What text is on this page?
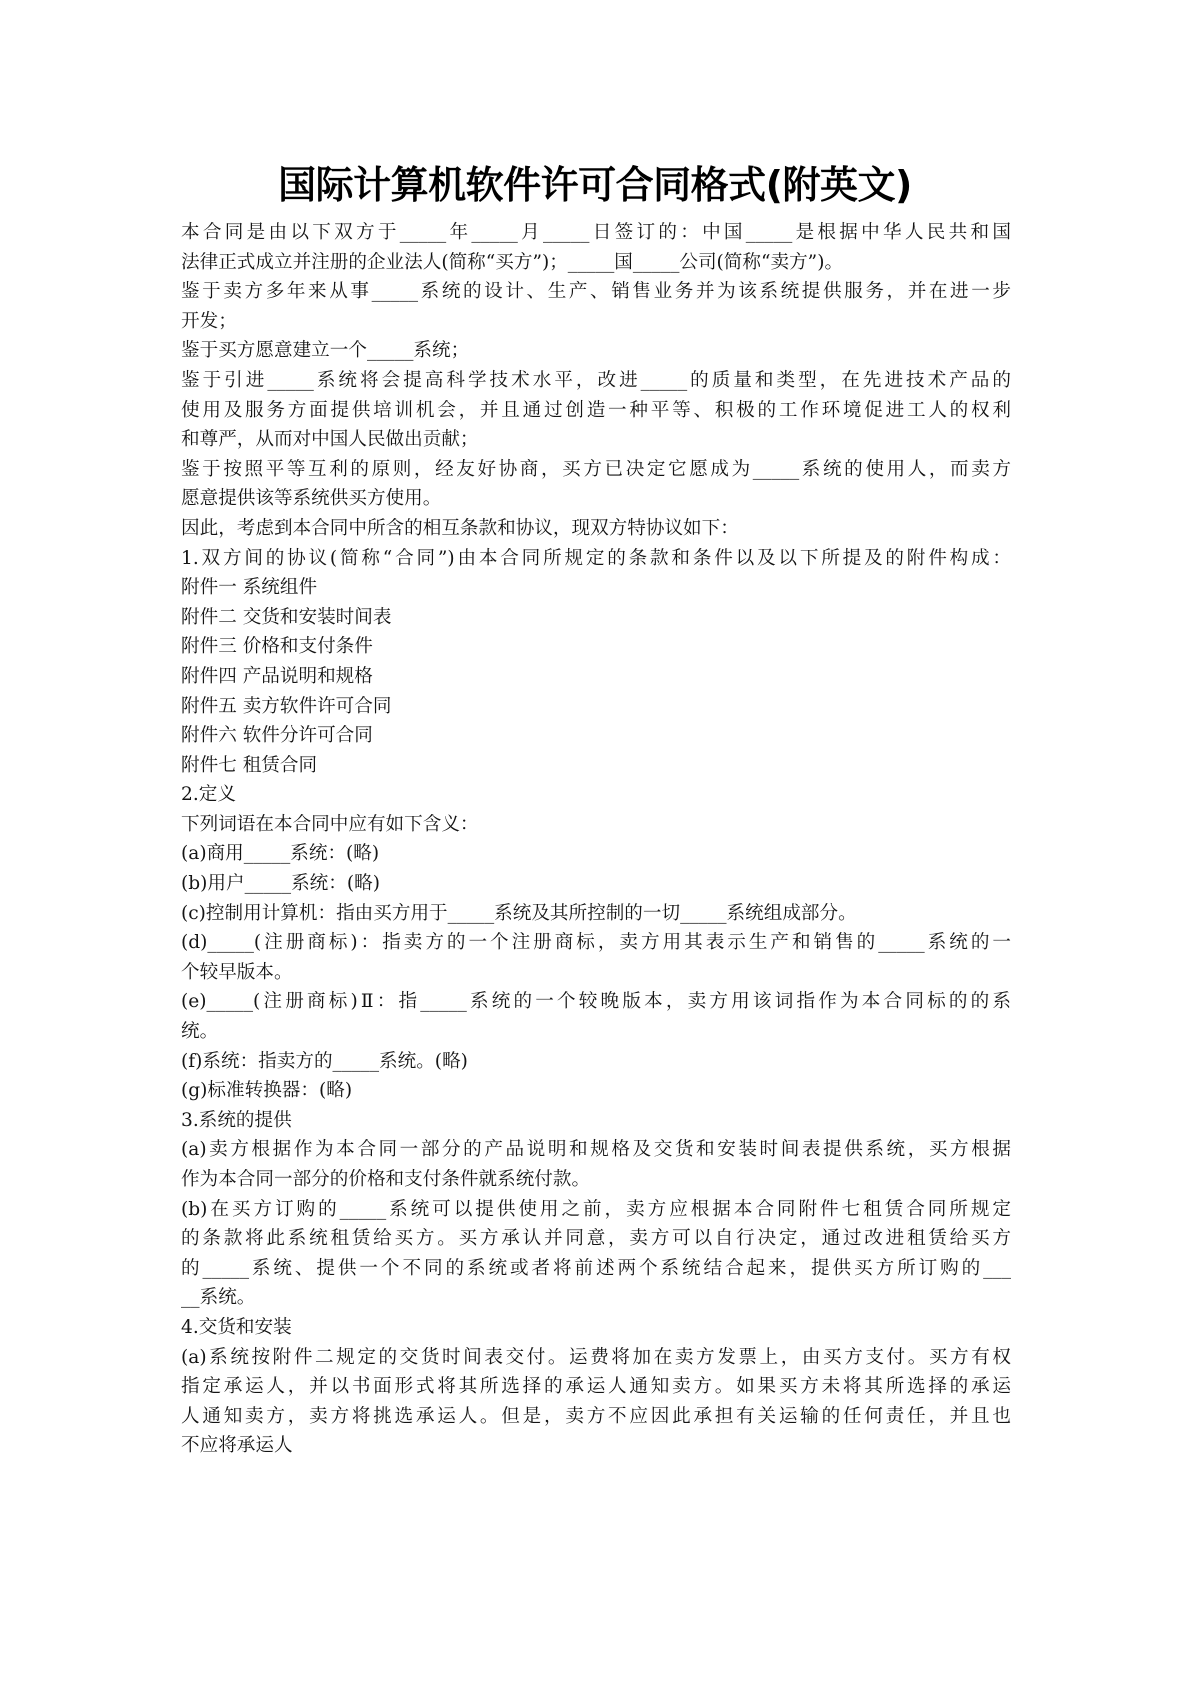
国际计算机软件许可合同格式(附英文)
本合同是由以下双方于_____年_____月_____日签订的：中国_____是根据中华人民共和国
法律正式成立并注册的企业法人(简称“买方”)；_____国_____公司(简称“卖方”)。
鉴于卖方多年来从事_____系统的设计、生产、销售业务并为该系统提供服务，并在进一步
开发；
鉴于买方愿意建立一个_____系统；
鉴于引进_____系统将会提高科学技术水平，改进_____的质量和类型，在先进技术产品的
使用及服务方面提供培训机会，并且通过创造一种平等、积极的工作环境促进工人的权利
和尊严，从而对中国人民做出贡献；
鉴于按照平等互利的原则，经友好协商，买方已决定它愿成为_____系统的使用人，而卖方
愿意提供该等系统供买方使用。
因此，考虑到本合同中所含的相互条款和协议，现双方特协议如下：
1.双方间的协议(简称“合同”)由本合同所规定的条款和条件以及以下所提及的附件构成：
附件一 系统组件
附件二 交货和安装时间表
附件三 价格和支付条件
附件四 产品说明和规格
附件五 卖方软件许可合同
附件六 软件分许可合同
附件七 租赁合同
2.定义
下列词语在本合同中应有如下含义：
(a)商用_____系统：(略)
(b)用户_____系统：(略)
(c)控制用计算机：指由买方用于_____系统及其所控制的一切_____系统组成部分。
(d)_____(注册商标)：指卖方的一个注册商标，卖方用其表示生产和销售的_____系统的一
个较早版本。
(e)_____(注册商标)Ⅱ：指_____系统的一个较晚版本，卖方用该词指作为本合同标的的系
统。
(f)系统：指卖方的_____系统。(略)
(g)标准转换器：(略)
3.系统的提供
(a)卖方根据作为本合同一部分的产品说明和规格及交货和安装时间表提供系统，买方根据
作为本合同一部分的价格和支付条件就系统付款。
(b)在买方订购的_____系统可以提供使用之前，卖方应根据本合同附件七租赁合同所规定
的条款将此系统租赁给买方。买方承认并同意，卖方可以自行决定，通过改进租赁给买方
的_____系统、提供一个不同的系统或者将前述两个系统结合起来，提供买方所订购的___
__系统。
4.交货和安装
(a)系统按附件二规定的交货时间表交付。运费将加在卖方发票上，由买方支付。买方有权
指定承运人，并以书面形式将其所选择的承运人通知卖方。如果买方未将其所选择的承运
人通知卖方，卖方将挑选承运人。但是，卖方不应因此承担有关运输的任何责任，并且也
不应将承运人
